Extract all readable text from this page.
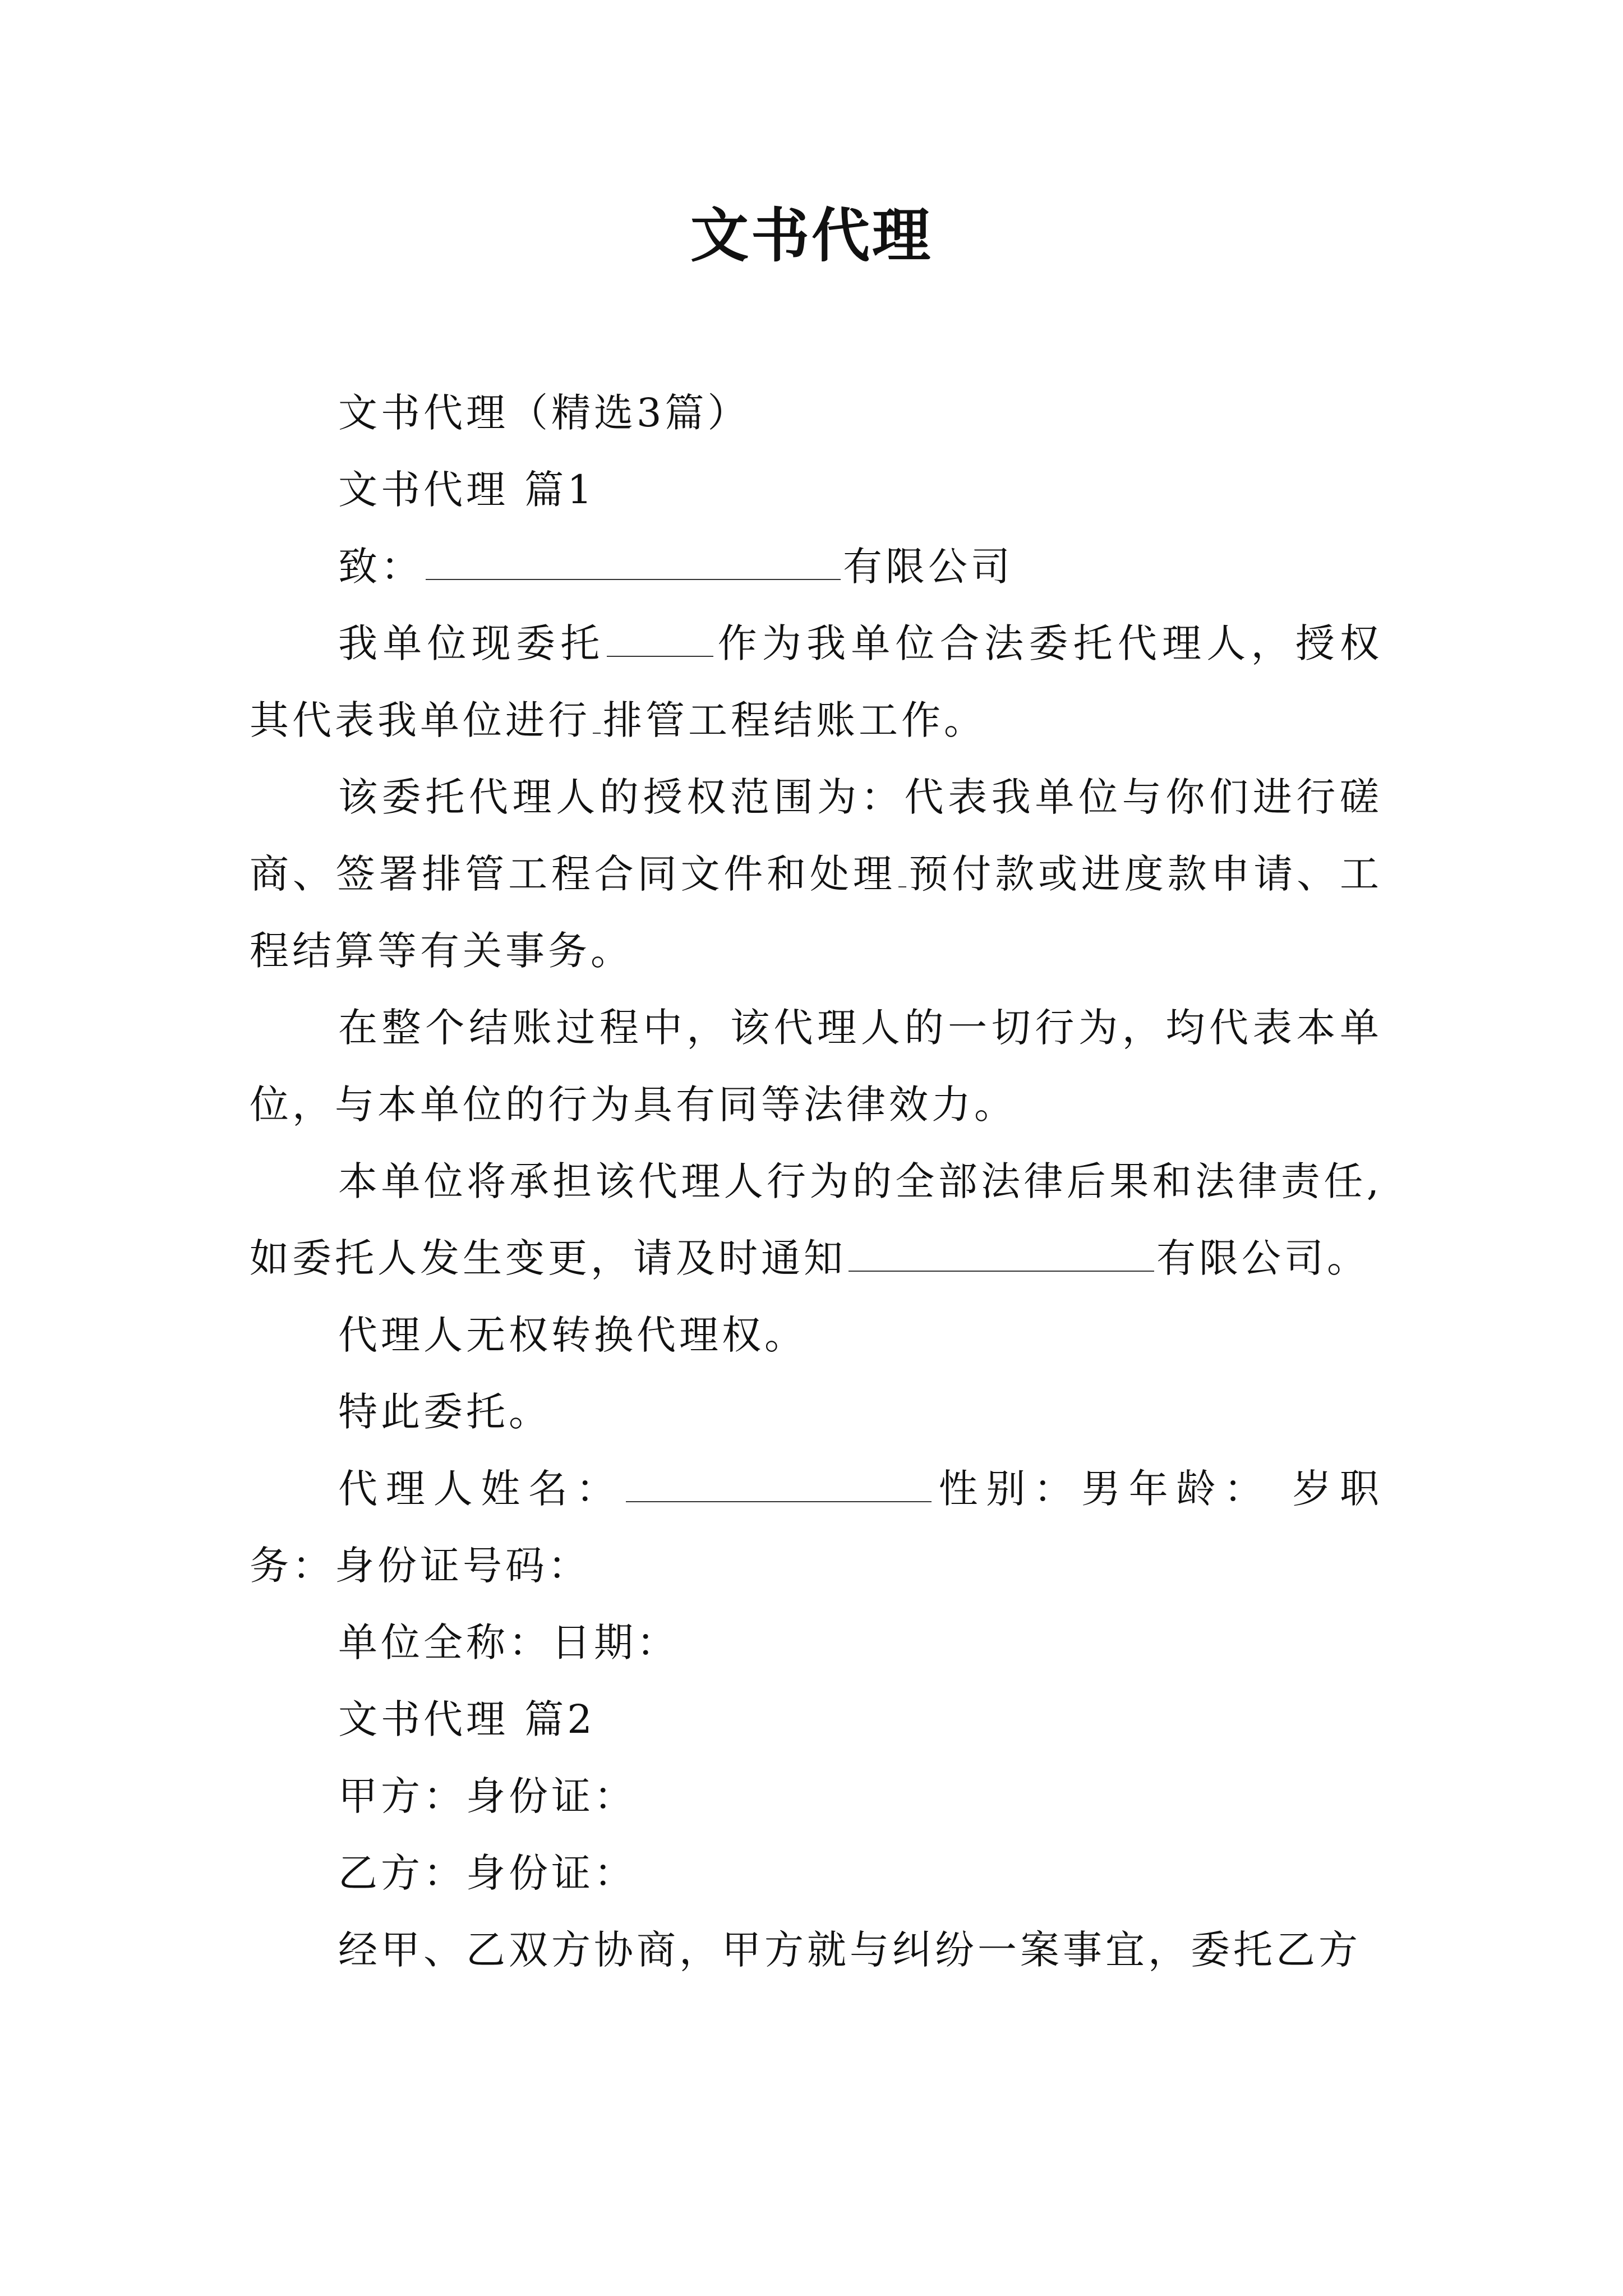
文书代理

文书代理（精选3篇）

文书代理 篇1

致：	有限公司

我单位现委托	作为我单位合法委托代理人，授权其代表我单位进行 排管工程结账工作。

该委托代理人的授权范围为：代表我单位与你们进行磋商、签署排管工程合同文件和处理 预付款或进度款申请、工程结算等有关事务。

在整个结账过程中，该代理人的一切行为，均代表本单位，与本单位的行为具有同等法律效力。

本单位将承担该代理人行为的全部法律后果和法律责任,如委托人发生变更，请及时通知	有限公司。

代理人无权转换代理权。

特此委托。

代理人姓名：	性别：男年龄： 岁职务：身份证号码：

单位全称：日期：

文书代理 篇2

甲方：身份证：

乙方：身份证：

经甲、乙双方协商，甲方就与纠纷一案事宜，委托乙方
